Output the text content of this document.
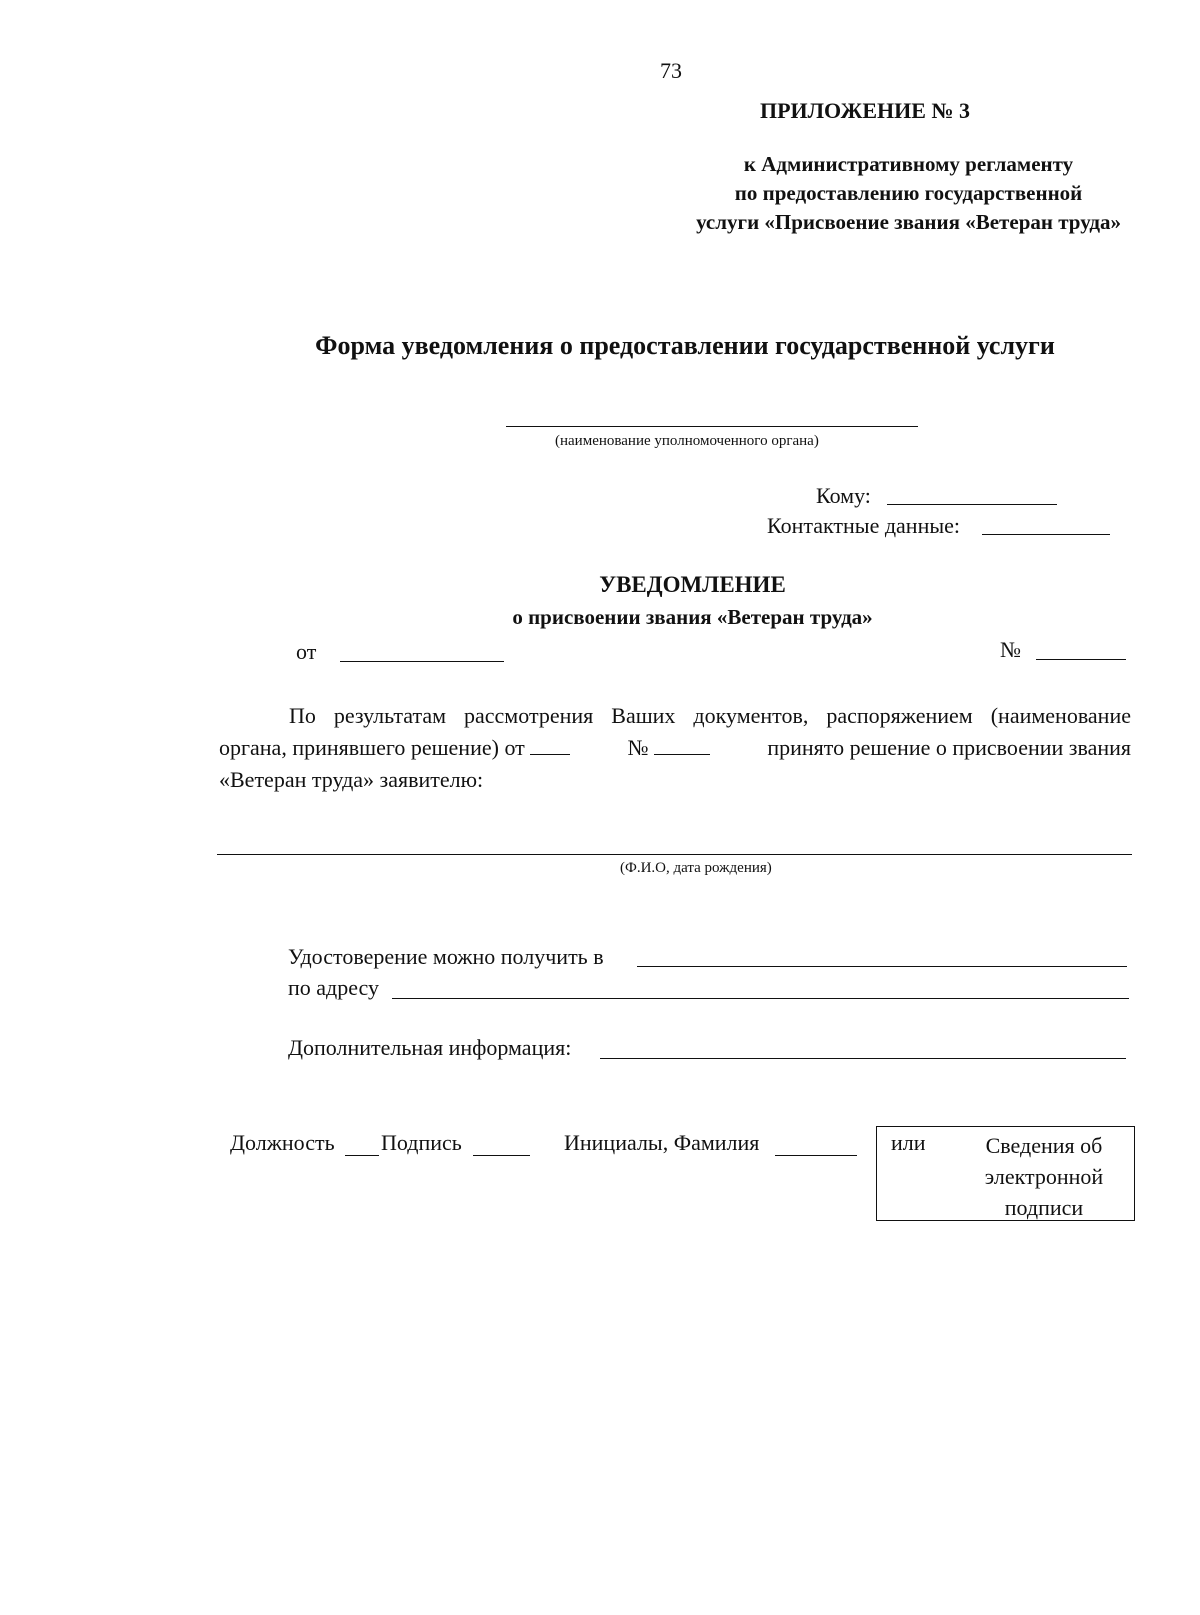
73
ПРИЛОЖЕНИЕ № 3
к Административному регламенту
по предоставлению государственной
услуги «Присвоение звания «Ветеран труда»
Форма уведомления о предоставлении государственной услуги
(наименование уполномоченного органа)
Кому:
Контактные данные:
УВЕДОМЛЕНИЕ
о присвоении звания «Ветеран труда»
от	№
По результатам рассмотрения Ваших документов, распоряжением (наименование
органа, принявшего решение) от	№	принято решение о присвоении звания
«Ветеран труда» заявителю:
(Ф.И.О, дата рождения)
Удостоверение можно получить в
по адресу
Дополнительная информация:
Должность Подпись	Инициалы, Фамилия	или	Сведения об
электронной
подписи
